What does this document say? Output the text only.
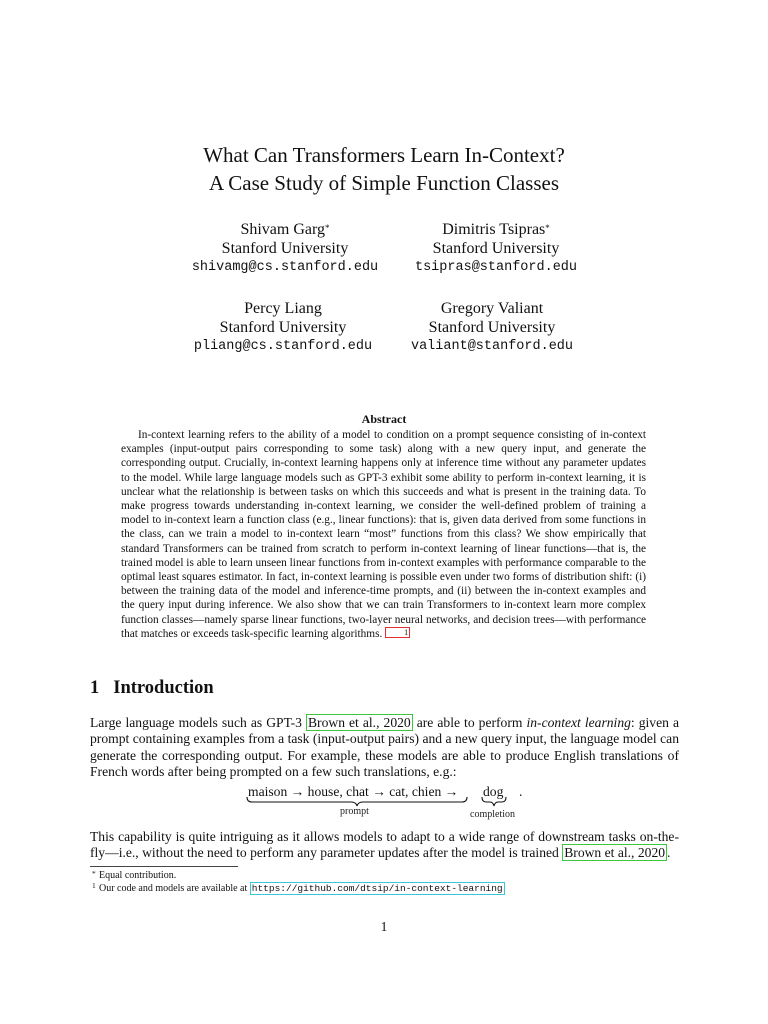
What Can Transformers Learn In-Context?
A Case Study of Simple Function Classes
Shivam Garg*
Stanford University
shivamg@cs.stanford.edu
Dimitris Tsipras*
Stanford University
tsipras@stanford.edu
Percy Liang
Stanford University
pliang@cs.stanford.edu
Gregory Valiant
Stanford University
valiant@stanford.edu
Abstract
In-context learning refers to the ability of a model to condition on a prompt sequence consisting of in-context examples (input-output pairs corresponding to some task) along with a new query input, and generate the corresponding output. Crucially, in-context learning happens only at inference time without any parameter updates to the model. While large language models such as GPT-3 exhibit some ability to perform in-context learning, it is unclear what the relationship is between tasks on which this succeeds and what is present in the training data. To make progress towards understanding in-context learning, we consider the well-defined problem of training a model to in-context learn a function class (e.g., linear functions): that is, given data derived from some functions in the class, can we train a model to in-context learn “most” functions from this class? We show empirically that standard Transformers can be trained from scratch to perform in-context learning of linear functions—that is, the trained model is able to learn unseen linear functions from in-context examples with performance comparable to the optimal least squares estimator. In fact, in-context learning is possible even under two forms of distribution shift: (i) between the training data of the model and inference-time prompts, and (ii) between the in-context examples and the query input during inference. We also show that we can train Transformers to in-context learn more complex function classes—namely sparse linear functions, two-layer neural networks, and decision trees—with performance that matches or exceeds task-specific learning algorithms.	1
1 Introduction
Large language models such as GPT-3 Brown et al., 2020 are able to perform in-context learning: given a prompt containing examples from a task (input-output pairs) and a new query input, the language model can generate the corresponding output. For example, these models are able to produce English translations of French words after being prompted on a few such translations, e.g.:
maison → house, chat → cat, chien → dog .
prompt	completion
This capability is quite intriguing as it allows models to adapt to a wide range of downstream tasks on-the-fly—i.e., without the need to perform any parameter updates after the model is trained Brown et al., 2020 .
* Equal contribution.
1 Our code and models are available at https://github.com/dtsip/in-context-learning
1
